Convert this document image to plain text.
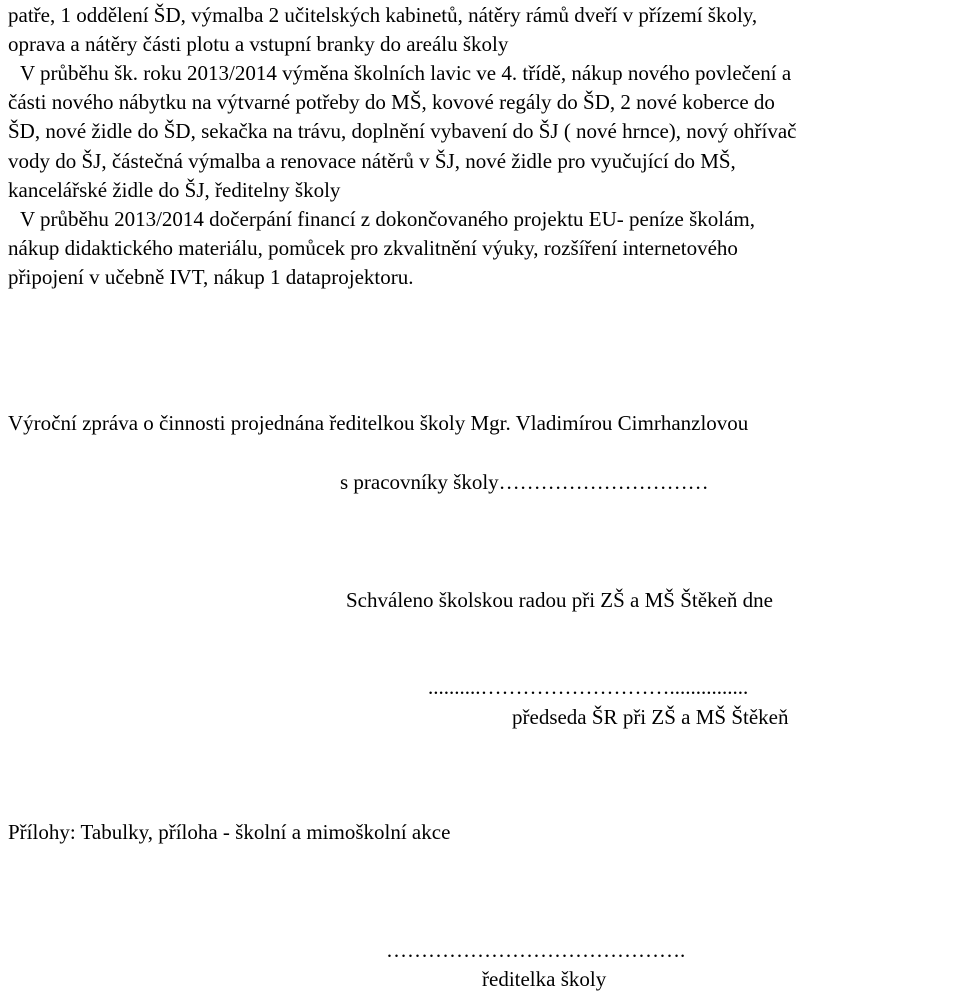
patře, 1 oddělení ŠD, výmalba 2 učitelských kabinetů, nátěry rámů dveří v přízemí školy,
oprava a nátěry části plotu a vstupní branky do areálu školy
V průběhu šk. roku 2013/2014 výměna školních lavic ve 4. třídě, nákup nového povlečení a
části nového nábytku na výtvarné potřeby do MŠ, kovové regály do ŠD, 2 nové koberce do
ŠD, nové židle do ŠD, sekačka na trávu, doplnění vybavení do ŠJ ( nové hrnce), nový ohřívač
vody do ŠJ, částečná výmalba a renovace nátěrů v ŠJ, nové židle pro vyučující do MŠ,
kancelářské židle do ŠJ, ředitelny školy
V průběhu 2013/2014 dočerpání financí z dokončovaného projektu EU- peníze školám,
nákup didaktického materiálu, pomůcek pro zkvalitnění výuky, rozšíření internetového
připojení v učebně IVT, nákup 1 dataprojektoru.
Výroční zpráva o činnosti projednána ředitelkou školy Mgr. Vladimírou Cimrhanzlovou
s pracovníky školy…………………………
Schváleno školskou radou při ZŠ a MŠ Štěkeň dne
..........………………………...............
předseda ŠR při ZŠ a MŠ Štěkeň
Přílohy: Tabulky, příloha - školní a mimoškolní akce
…………………………………….
ředitelka školy
